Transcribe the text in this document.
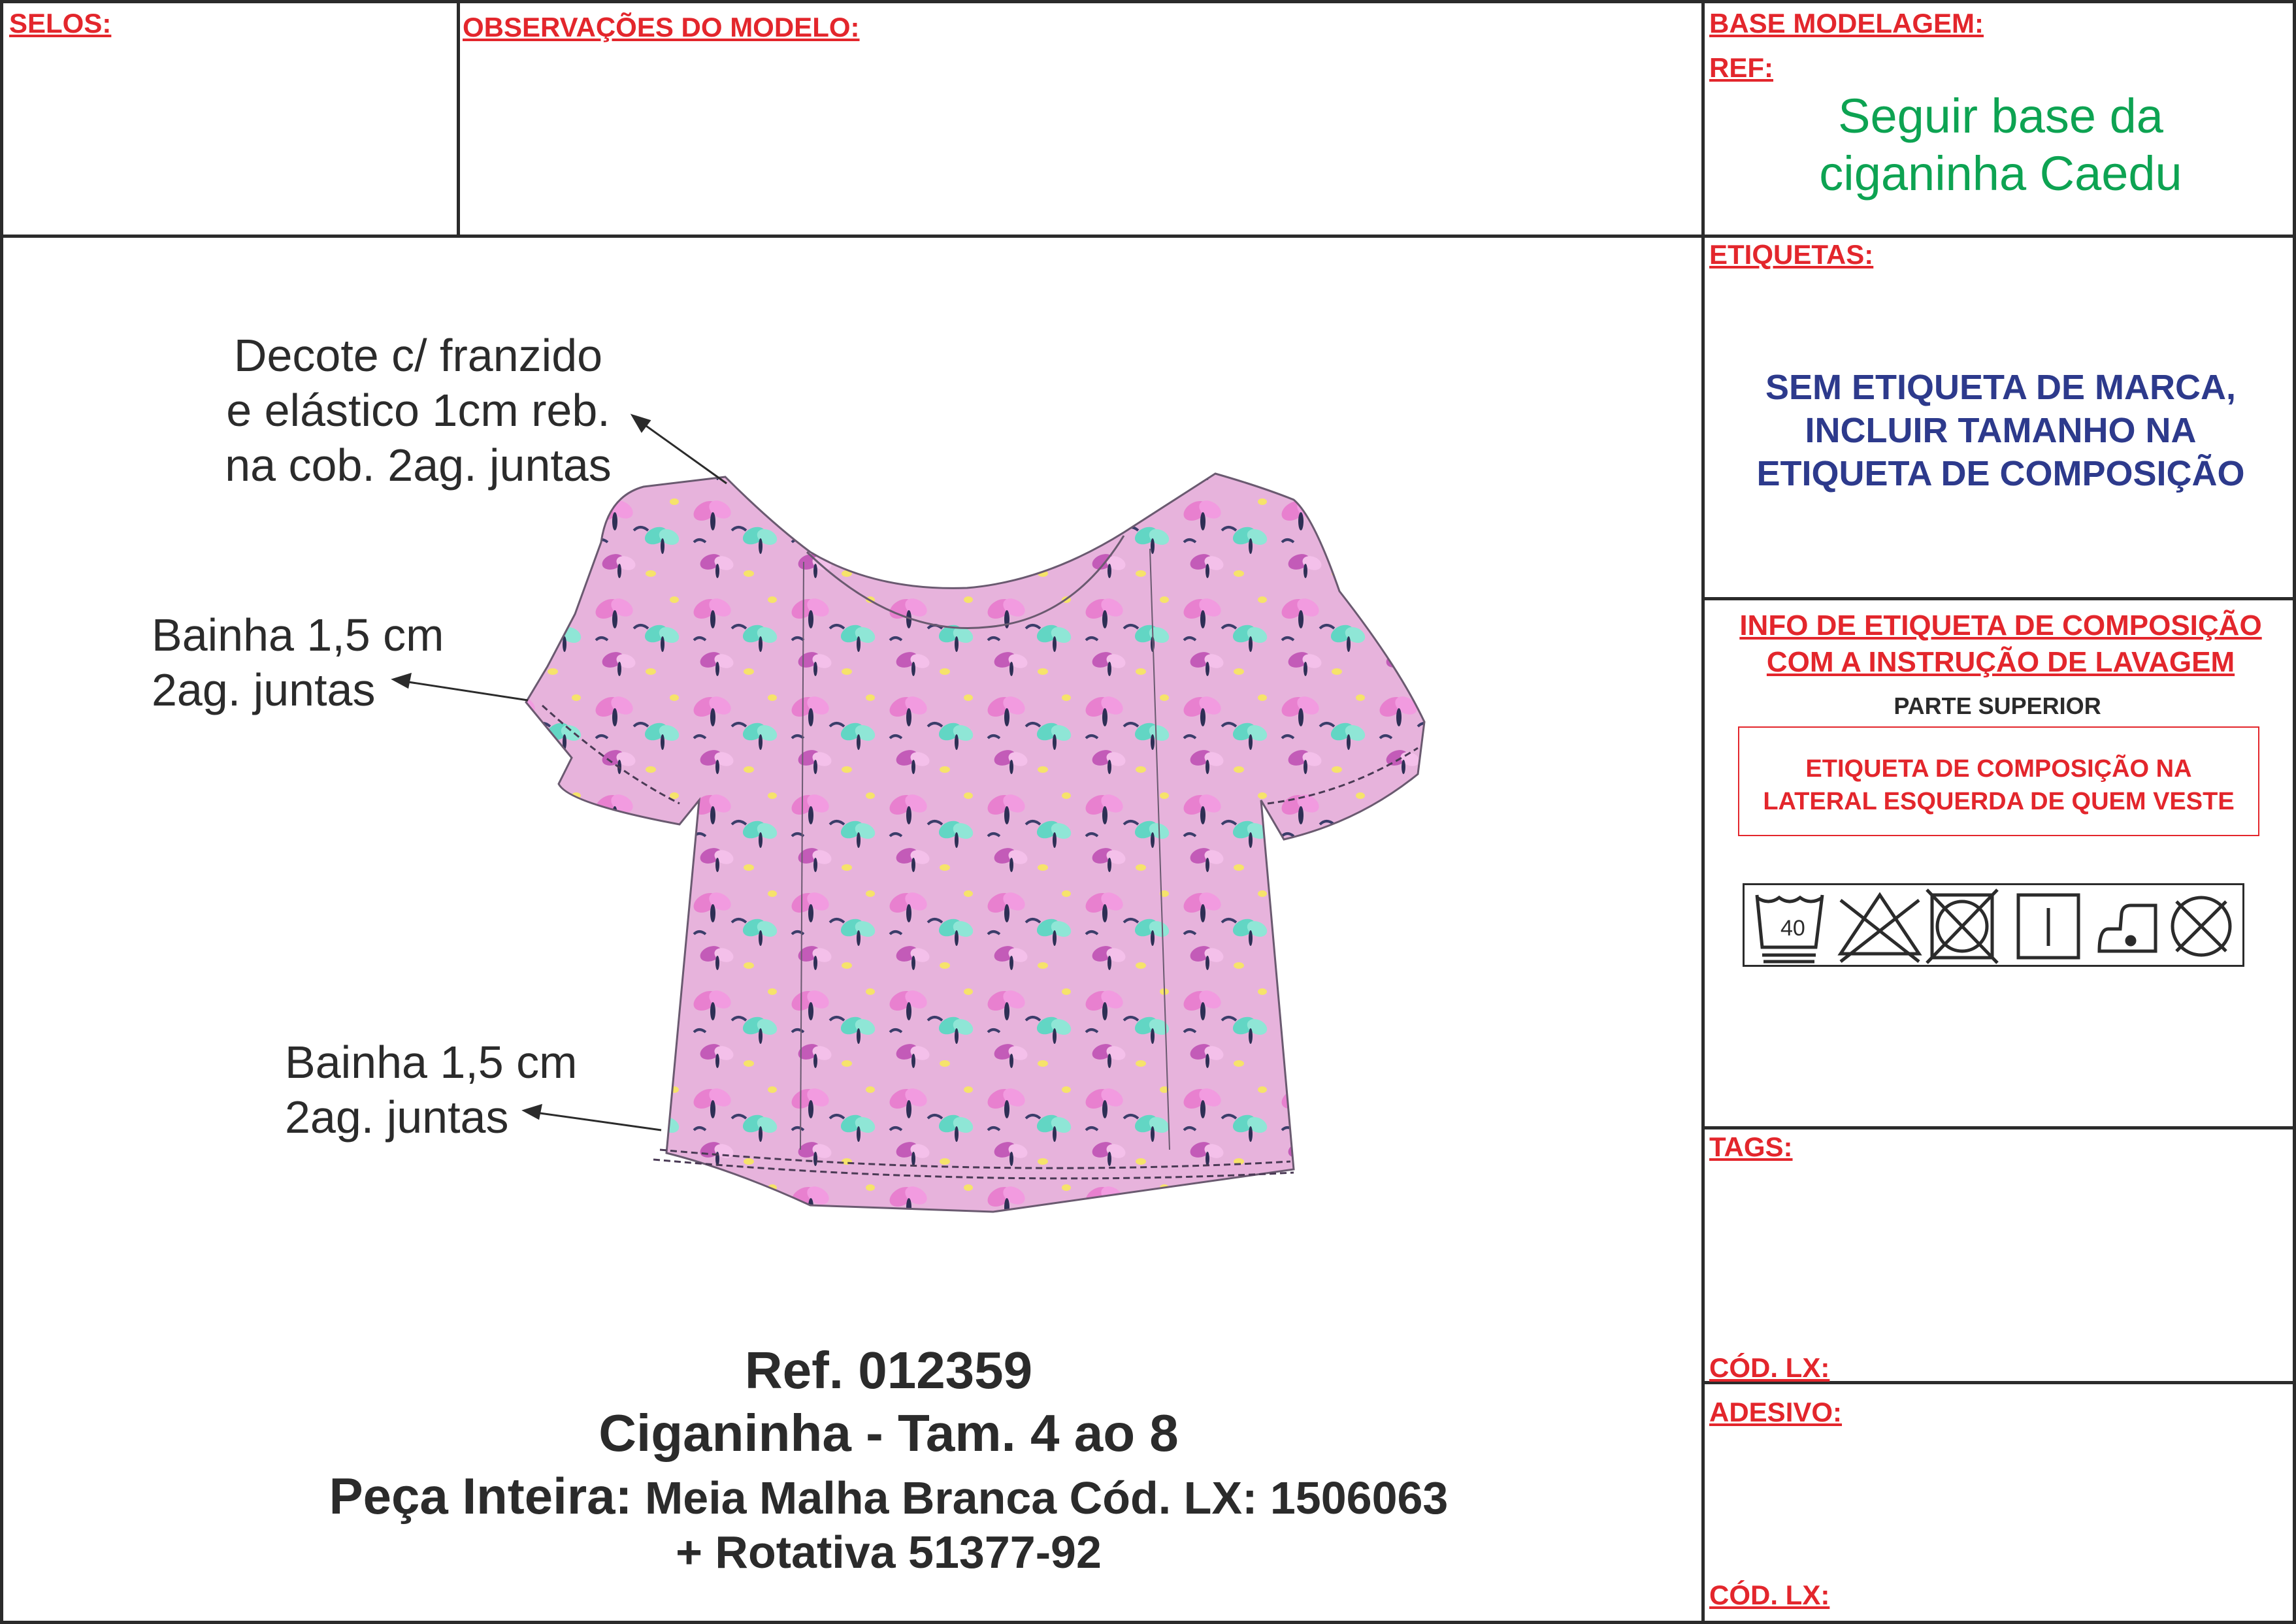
SELOS:	OBSERVAÇÕES DO MODELO:	BASE MODELAGEM:
REF:
Seguir base da
ciganinha Caedu
ETIQUETAS:
SEM ETIQUETA DE MARCA,
INCLUIR TAMANHO NA
ETIQUETA DE COMPOSIÇÃO
INFO DE ETIQUETA DE COMPOSIÇÃO
COM A INSTRUÇÃO DE LAVAGEM
PARTE SUPERIOR
ETIQUETA DE COMPOSIÇÃO NA
LATERAL ESQUERDA DE QUEM VESTE
40
TAGS:
CÓD. LX:
ADESIVO:
CÓD. LX:
Decote c/ franzido
e elástico 1cm reb.
na cob. 2ag. juntas
Bainha 1,5 cm
2ag. juntas
Bainha 1,5 cm
2ag. juntas
Ref. 012359
Ciganinha - Tam. 4 ao 8
Peça Inteira: Meia Malha Branca Cód. LX: 1506063
+ Rotativa 51377-92
